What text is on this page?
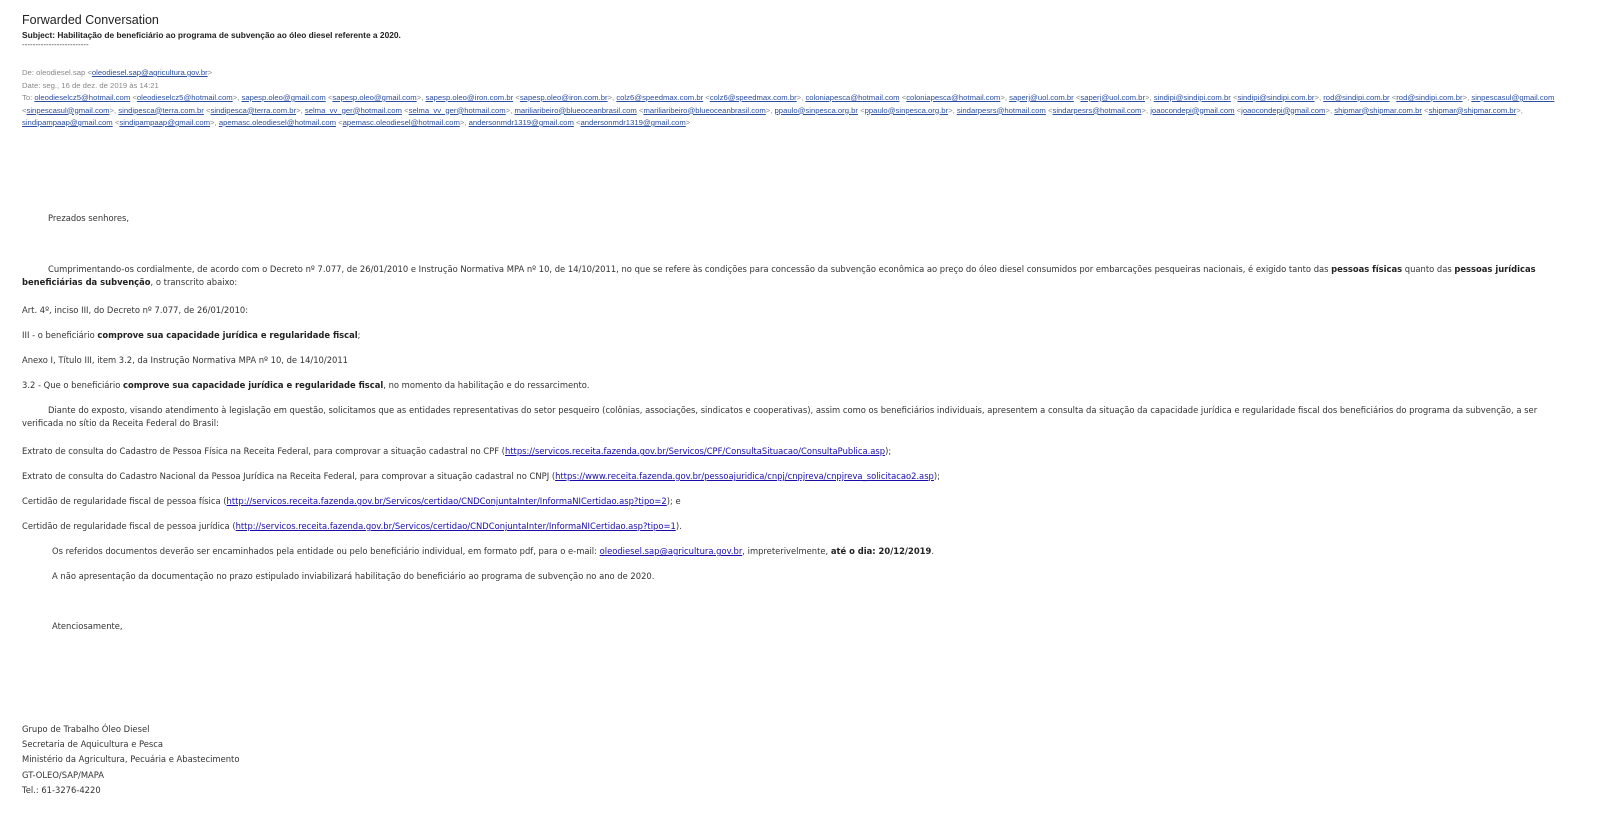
Forwarded Conversation
Subject: Habilitação de beneficiário ao programa de subvenção ao óleo diesel referente a 2020.
-------------------------
De: oleodiesel.sap <oleodiesel.sap@agricultura.gov.br>
Date: seg., 16 de dez. de 2019 às 14:21
To: oleodieselcz5@hotmail.com <oleodieselcz5@hotmail.com>, sapesp.oleo@gmail.com <sapesp.oleo@gmail.com>, sapesp.oleo@iron.com.br <sapesp.oleo@iron.com.br>, colz6@speedmax.com.br <colz6@speedmax.com.br>, coloniapesca@hotmail.com <coloniapesca@hotmail.com>, saperj@uol.com.br <saperj@uol.com.br>, sindipi@sindipi.com.br <sindipi@sindipi.com.br>, rod@sindipi.com.br <rod@sindipi.com.br>, sinpescasul@gmail.com <sinpescasul@gmail.com>, sindipesca@terra.com.br <sindipesca@terra.com.br>, selma_vv_ger@hotmail.com <selma_vv_ger@hotmail.com>, mariliaribeiro@blueoceanbrasil.com <mariliaribeiro@blueoceanbrasil.com>, ppaulo@sinpesca.org.br <ppaulo@sinpesca.org.br>, sindarpesrs@hotmail.com <sindarpesrs@hotmail.com>, joaocondepi@gmail.com <joaocondepi@gmail.com>, shipmar@shipmar.com.br <shipmar@shipmar.com.br>, sindipampaap@gmail.com <sindipampaap@gmail.com>, apemasc.oleodiesel@hotmail.com <apemasc.oleodiesel@hotmail.com>, andersonmdr1319@gmail.com <andersonmdr1319@gmail.com>
Prezados senhores,
Cumprimentando-os cordialmente, de acordo com o Decreto nº 7.077, de 26/01/2010 e Instrução Normativa MPA nº 10, de 14/10/2011, no que se refere às condições para concessão da subvenção econômica ao preço do óleo diesel consumidos por embarcações pesqueiras nacionais, é exigido tanto das pessoas físicas quanto das pessoas jurídicas beneficiárias da subvenção, o transcrito abaixo:
Art. 4º, inciso III, do Decreto nº 7.077, de 26/01/2010:
III - o beneficiário comprove sua capacidade jurídica e regularidade fiscal;
Anexo I, Título III, item 3.2, da Instrução Normativa MPA nº 10, de 14/10/2011
3.2 - Que o beneficiário comprove sua capacidade jurídica e regularidade fiscal, no momento da habilitação e do ressarcimento.
Diante do exposto, visando atendimento à legislação em questão, solicitamos que as entidades representativas do setor pesqueiro (colônias, associações, sindicatos e cooperativas), assim como os beneficiários individuais, apresentem a consulta da situação da capacidade jurídica e regularidade fiscal dos beneficiários do programa da subvenção, a ser verificada no sítio da Receita Federal do Brasil:
Extrato de consulta do Cadastro de Pessoa Física na Receita Federal, para comprovar a situação cadastral no CPF (https://servicos.receita.fazenda.gov.br/Servicos/CPF/ConsultaSituacao/ConsultaPublica.asp);
Extrato de consulta do Cadastro Nacional da Pessoa Jurídica na Receita Federal, para comprovar a situação cadastral no CNPJ (https://www.receita.fazenda.gov.br/pessoajuridica/cnpj/cnpjreva/cnpjreva_solicitacao2.asp);
Certidão de regularidade fiscal de pessoa física (http://servicos.receita.fazenda.gov.br/Servicos/certidao/CNDConjuntaInter/InformaNICertidao.asp?tipo=2); e
Certidão de regularidade fiscal de pessoa jurídica (http://servicos.receita.fazenda.gov.br/Servicos/certidao/CNDConjuntaInter/InformaNICertidao.asp?tipo=1).
Os referidos documentos deverão ser encaminhados pela entidade ou pelo beneficiário individual, em formato pdf, para o e-mail: oleodiesel.sap@agricultura.gov.br, impreterivelmente, até o dia: 20/12/2019.
A não apresentação da documentação no prazo estipulado inviabilizará habilitação do beneficiário ao programa de subvenção no ano de 2020.
Atenciosamente,
Grupo de Trabalho Óleo Diesel
Secretaria de Aquicultura e Pesca
Ministério da Agricultura, Pecuária e Abastecimento
GT-OLEO/SAP/MAPA
Tel.: 61-3276-4220
